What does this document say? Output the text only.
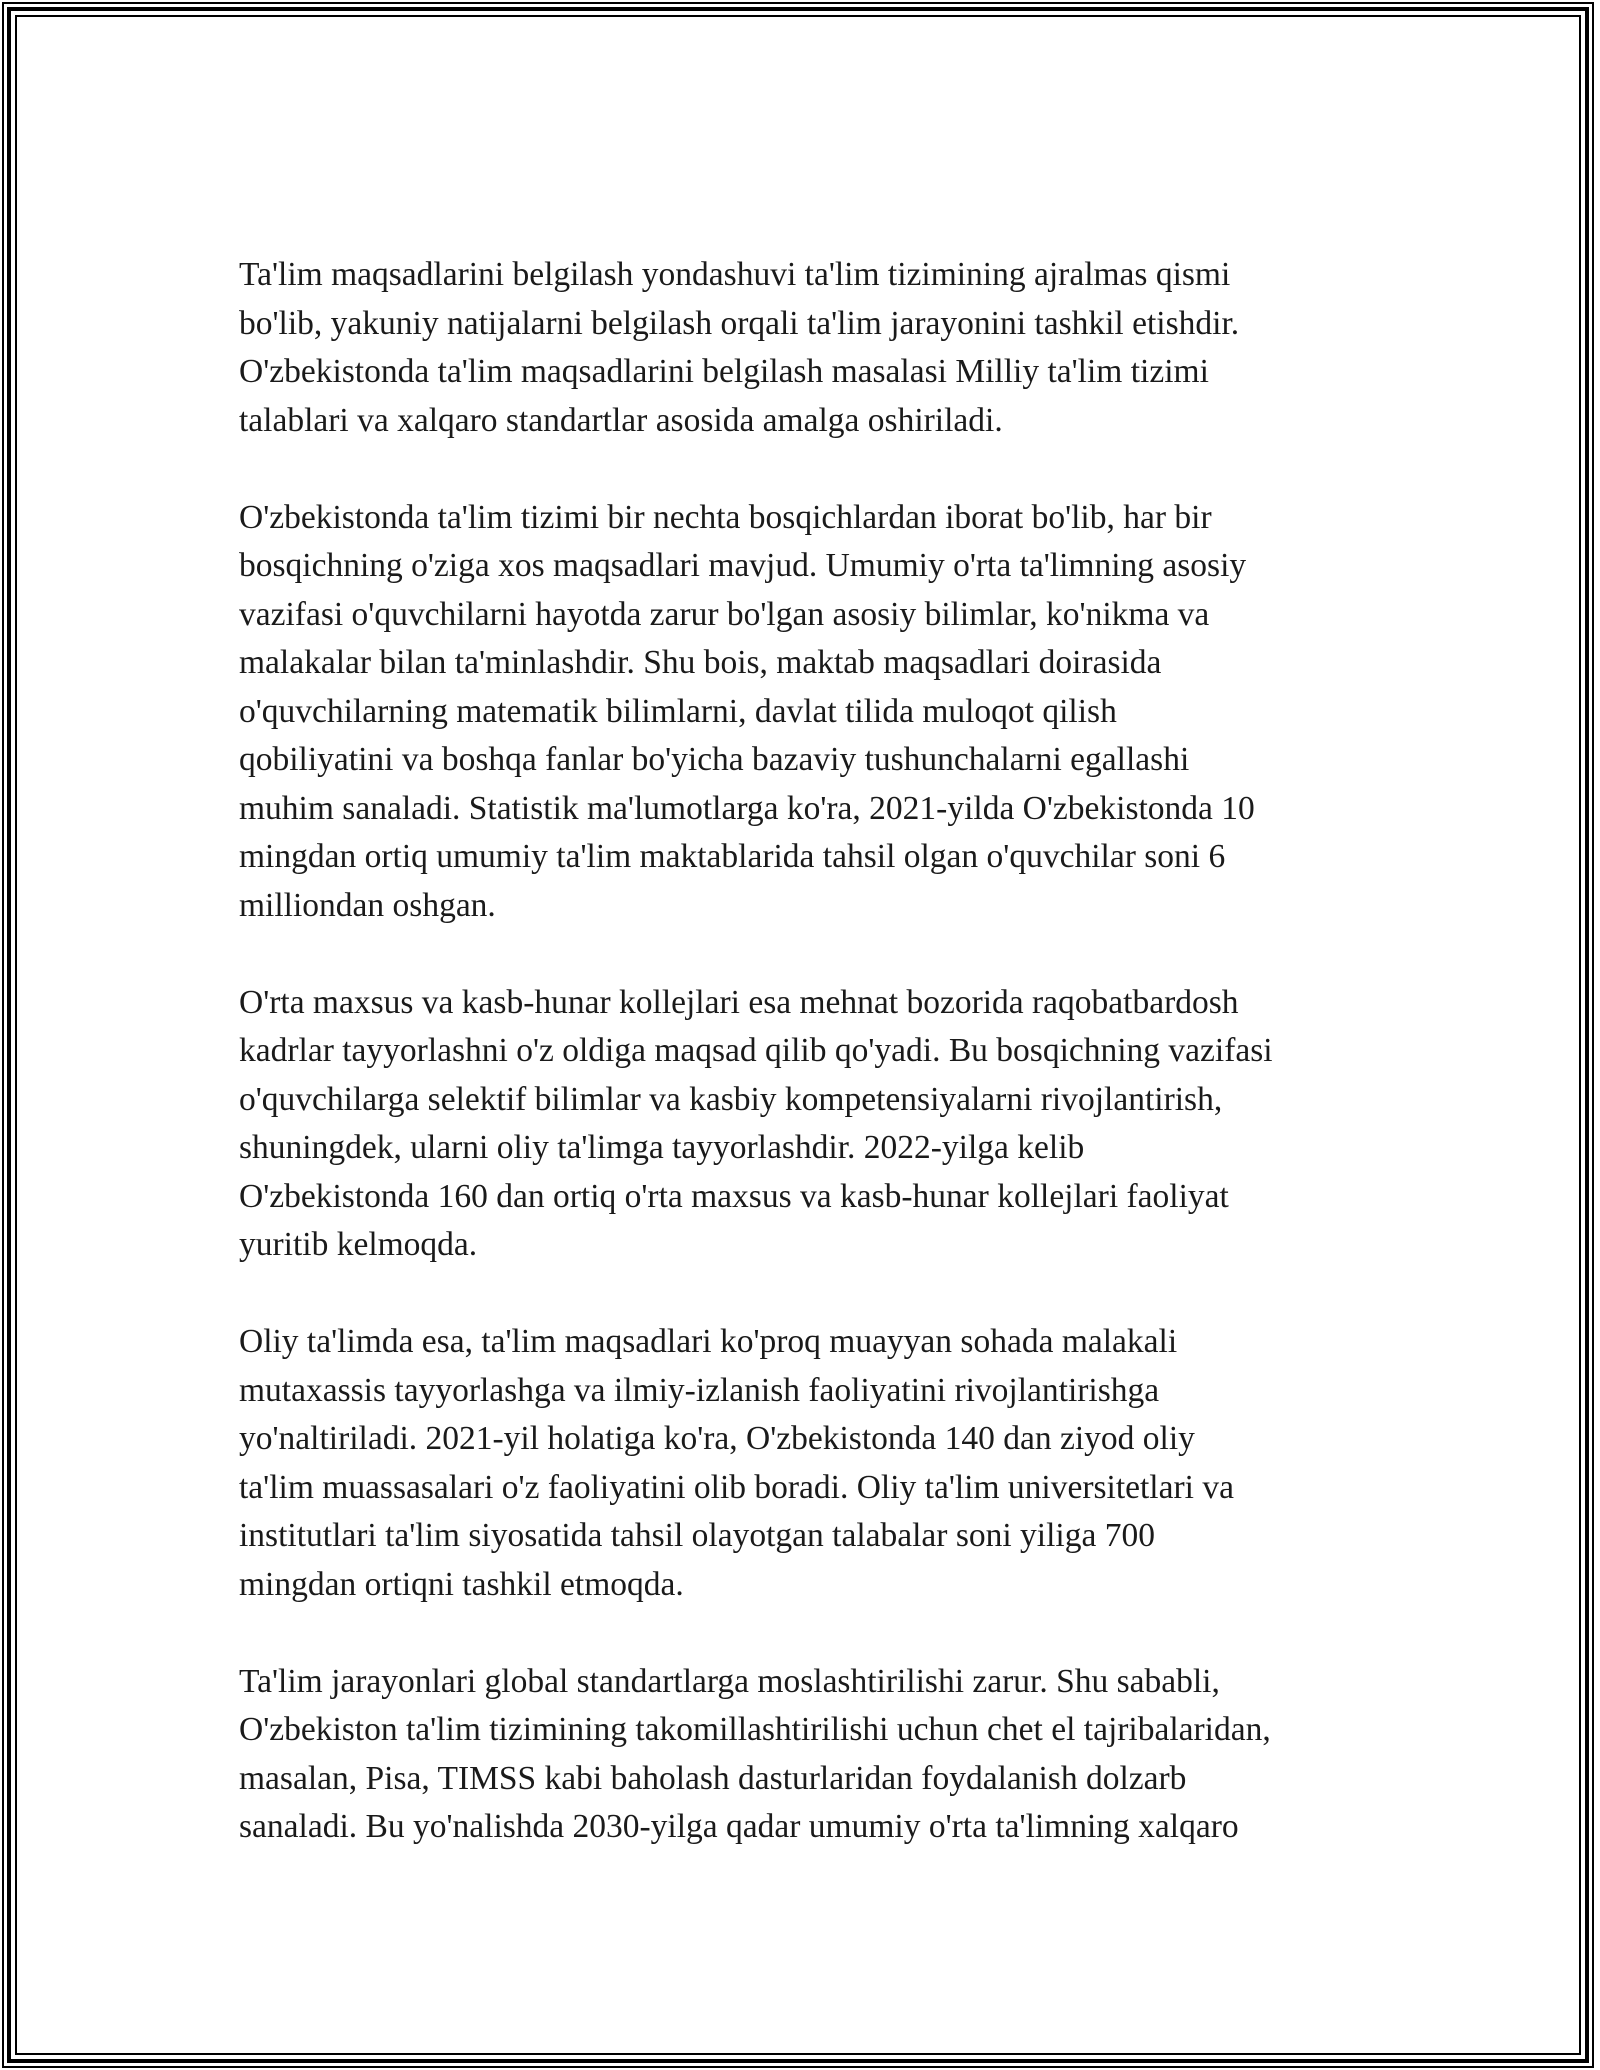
Ta'lim maqsadlarini belgilash yondashuvi ta'lim tizimining ajralmas qismi
bo'lib, yakuniy natijalarni belgilash orqali ta'lim jarayonini tashkil etishdir.
O'zbekistonda ta'lim maqsadlarini belgilash masalasi Milliy ta'lim tizimi
talablari va xalqaro standartlar asosida amalga oshiriladi.

O'zbekistonda ta'lim tizimi bir nechta bosqichlardan iborat bo'lib, har bir
bosqichning o'ziga xos maqsadlari mavjud. Umumiy o'rta ta'limning asosiy
vazifasi o'quvchilarni hayotda zarur bo'lgan asosiy bilimlar, ko'nikma va
malakalar bilan ta'minlashdir. Shu bois, maktab maqsadlari doirasida
o'quvchilarning matematik bilimlarni, davlat tilida muloqot qilish
qobiliyatini va boshqa fanlar bo'yicha bazaviy tushunchalarni egallashi
muhim sanaladi. Statistik ma'lumotlarga ko'ra, 2021-yilda O'zbekistonda 10
mingdan ortiq umumiy ta'lim maktablarida tahsil olgan o'quvchilar soni 6
milliondan oshgan.

O'rta maxsus va kasb-hunar kollejlari esa mehnat bozorida raqobatbardosh
kadrlar tayyorlashni o'z oldiga maqsad qilib qo'yadi. Bu bosqichning vazifasi
o'quvchilarga selektif bilimlar va kasbiy kompetensiyalarni rivojlantirish,
shuningdek, ularni oliy ta'limga tayyorlashdir. 2022-yilga kelib
O'zbekistonda 160 dan ortiq o'rta maxsus va kasb-hunar kollejlari faoliyat
yuritib kelmoqda.

Oliy ta'limda esa, ta'lim maqsadlari ko'proq muayyan sohada malakali
mutaxassis tayyorlashga va ilmiy-izlanish faoliyatini rivojlantirishga
yo'naltiriladi. 2021-yil holatiga ko'ra, O'zbekistonda 140 dan ziyod oliy
ta'lim muassasalari o'z faoliyatini olib boradi. Oliy ta'lim universitetlari va
institutlari ta'lim siyosatida tahsil olayotgan talabalar soni yiliga 700
mingdan ortiqni tashkil etmoqda.

Ta'lim jarayonlari global standartlarga moslashtirilishi zarur. Shu sababli,
O'zbekiston ta'lim tizimining takomillashtirilishi uchun chet el tajribalaridan,
masalan, Pisa, TIMSS kabi baholash dasturlaridan foydalanish dolzarb
sanaladi. Bu yo'nalishda 2030-yilga qadar umumiy o'rta ta'limning xalqaro
